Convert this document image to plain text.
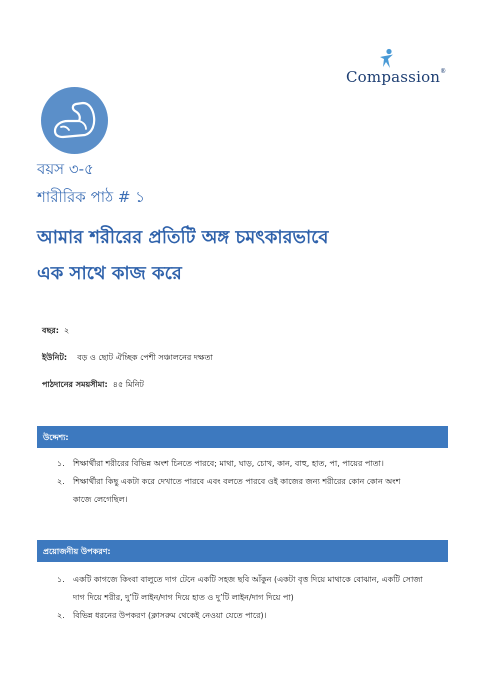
Compassion®
বয়স ৩-৫
শারীরিক পাঠ # ১
আমার শরীরের প্রতিটি অঙ্গ চমৎকারভাবে
এক সাথে কাজ করে
বছর: ২
ইউনিট: বড় ও ছোট ঐচ্ছিক পেশী সঞ্চালনের দক্ষতা
পাঠদানের সময়সীমা: ৪৫ মিনিট
উদ্দেশ্য:
১. শিক্ষার্থীরা শরীরের বিভিন্ন অংশ চিনতে পারবে; মাথা, ঘাড়, চোখ, কান, বাহু, হাত, পা, পায়ের পাতা।
২. শিক্ষার্থীরা কিছু একটা করে দেখাতে পারবে এবং বলতে পারবে ওই কাজের জন্য শরীরের কোন কোন অংশ
কাজে লেগেছিল।
প্রয়োজনীয় উপকরণ:
১. একটি কাগজে কিংবা বালুতে দাগ টেনে একটি সহজ ছবি আঁকুন (একটা বৃত্ত দিয়ে মাথাকে বোঝান, একটি সোজা
দাগ দিয়ে শরীর, দু’টি লাইন/দাগ দিয়ে হাত ও দু’টি লাইন/দাগ দিয়ে পা)
২. বিভিন্ন ধরনের উপকরণ (ক্লাসরুম থেকেই নেওয়া যেতে পারে)।
